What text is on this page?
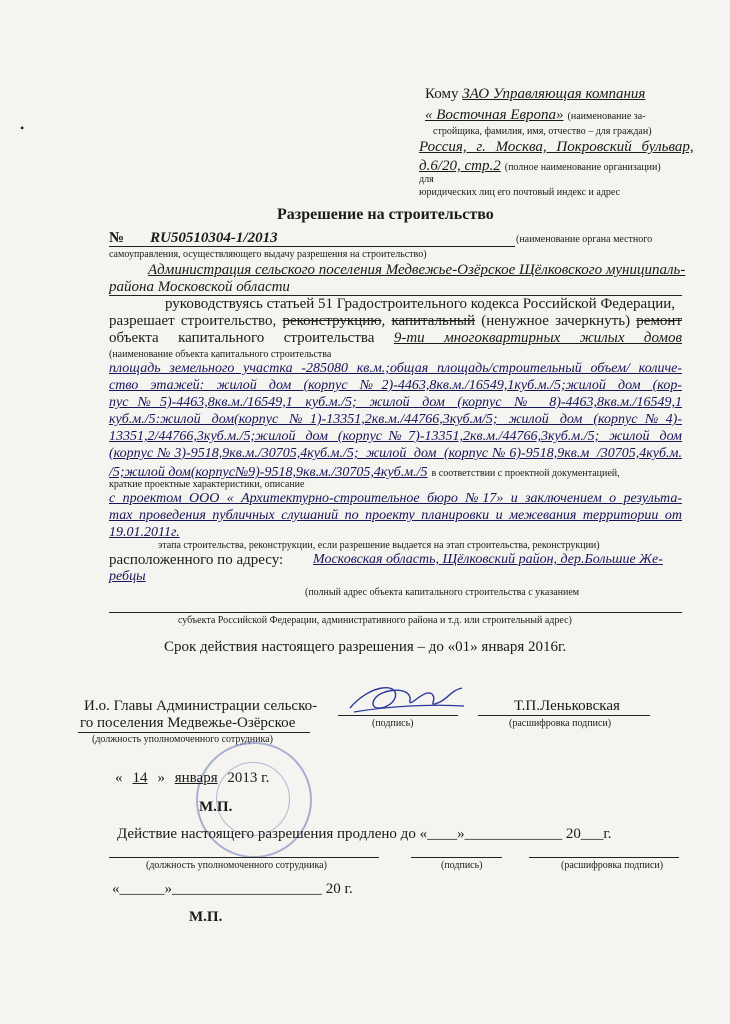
Кому ЗАО Управляющая компания
« Восточная Европа» (наименование за-
стройщика, фамилия, имя, отчество – для граждан)
Россия, г. Москва, Покровский бульвар,
д.6/20, стр.2 (полное наименование организации)
для
юридических лиц его почтовый индекс и адрес
Разрешение на строительство
№ RU50510304-1/2013	(наименование органа местного
самоуправления, осуществляющего выдачу разрешения на строительство)
Администрация сельского поселения Медвежье-Озёрское Щёлковского муниципаль-
района Московской области
руководствуясь статьей 51 Градостроительного кодекса Российской Федерации,
разрешает строительство, реконструкцию, капитальный (ненужное зачеркнуть) ремонт
объекта капитального строительства 9-ти многоквартирных жилых домов
(наименование объекта капитального строительства
площадь земельного участка -285080 кв.м.;общая площадь/строительный объем/ количе-
ство этажей: жилой дом (корпус №2)-4463,8кв.м./16549,1куб.м./5;жилой дом (кор-
пус№5)-4463,8кв.м./16549,1 куб.м./5; жилой дом (корпус № 8)-4463,8кв.м./16549,1
куб.м./5:жилой дом(корпус №1)-13351,2кв.м./44766,3куб.м/5; жилой дом (корпус№4)-
13351,2/44766,3куб.м./5;жилой дом (корпус№7)-13351,2кв.м./44766,3куб.м./5; жилой дом
(корпус№3)-9518,9кв.м./30705,4куб.м./5; жилой дом (корпус№6)-9518,9кв.м /30705,4куб.м.
/5;жилой дом(корпус№9)-9518,9кв.м./30705,4куб.м./5 в соответствии с проектной документацией,
краткие проектные характеристики, описание
с проектом ООО « Архитектурно-строительное бюро №17» и заключением о результа-
тах проведения публичных слушаний по проекту планировки и межевания территории от
19.01.2011г.
этапа строительства, реконструкции, если разрешение выдается на этап строительства, реконструкции)
расположенного по адресу: Московская область, Щёлковский район, дер.Большие Же-
ребцы
(полный адрес объекта капитального строительства с указанием
субъекта Российской Федерации, административного района и т.д. или строительный адрес)
Срок действия настоящего разрешения – до «01» января 2016г.
И.о. Главы Администрации сельско-
го поселения Медвежье-Озёрское
(должность уполномоченного сотрудника)
(подпись)
Т.П.Леньковская
(расшифровка подписи)
« 14 » января 2013 г.
М.П.
Действие настоящего разрешения продлено до «____»_____________ 20___г.
(должность уполномоченного сотрудника)	(подпись)	(расшифровка подписи)
«______»____________________ 20 г.
М.П.
•
